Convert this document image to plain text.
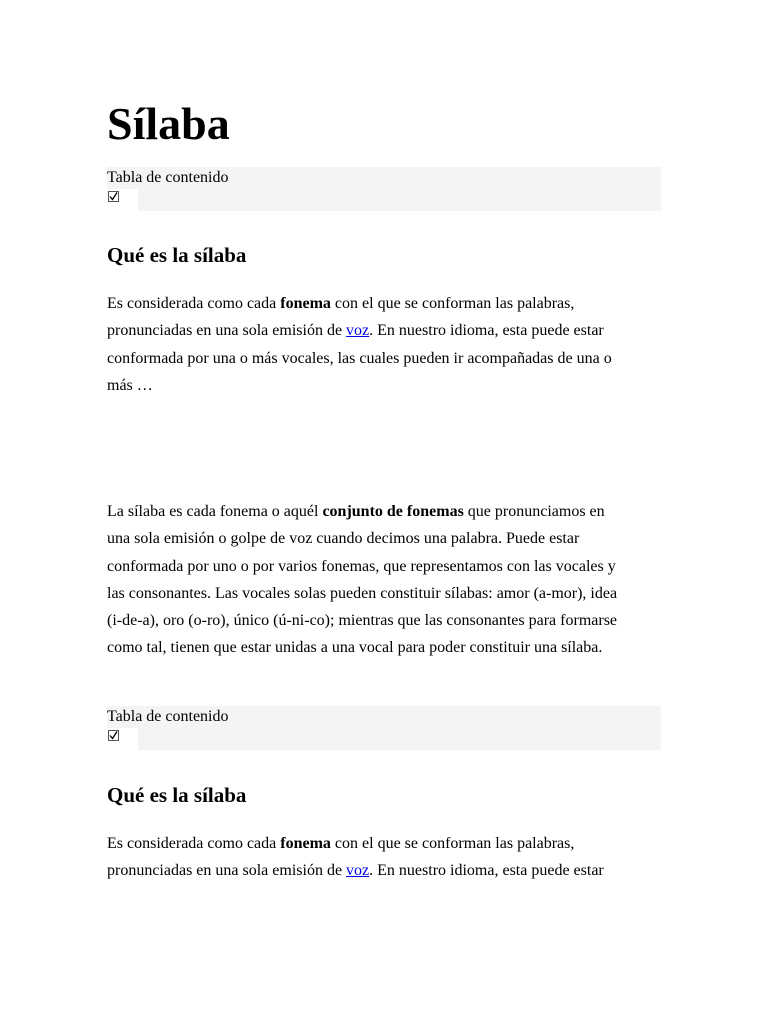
Sílaba
Tabla de contenido
Qué es la sílaba

Es considerada como cada fonema con el que se conforman las palabras,
pronunciadas en una sola emisión de voz. En nuestro idioma, esta puede estar
conformada por una o más vocales, las cuales pueden ir acompañadas de una o
más …

La sílaba es cada fonema o aquél conjunto de fonemas que pronunciamos en
una sola emisión o golpe de voz cuando decimos una palabra. Puede estar
conformada por uno o por varios fonemas, que representamos con las vocales y
las consonantes. Las vocales solas pueden constituir sílabas: amor (a-mor), idea
(i-de-a), oro (o-ro), único (ú-ni-co); mientras que las consonantes para formarse
como tal, tienen que estar unidas a una vocal para poder constituir una sílaba.

Tabla de contenido
Qué es la sílaba

Es considerada como cada fonema con el que se conforman las palabras,
pronunciadas en una sola emisión de voz. En nuestro idioma, esta puede estar
